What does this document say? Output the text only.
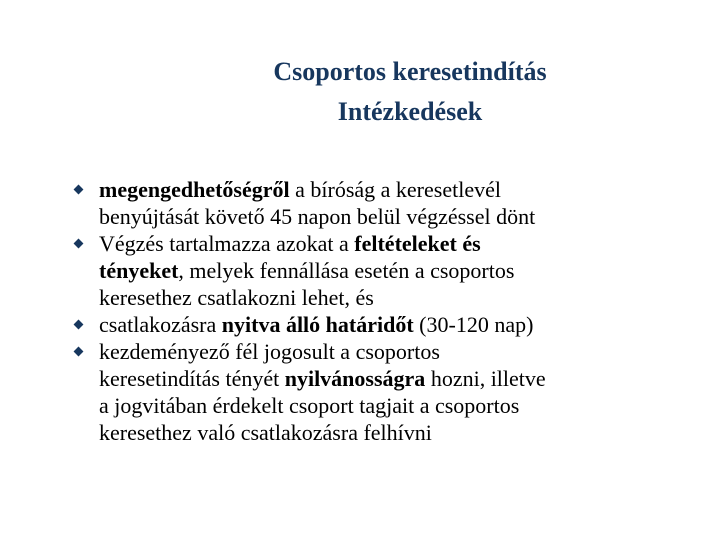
Csoportos keresetindítás
Intézkedések
megengedhetőségről a bíróság a keresetlevél
benyújtását követő 45 napon belül végzéssel dönt
Végzés tartalmazza azokat a feltételeket és
tényeket, melyek fennállása esetén a csoportos
keresethez csatlakozni lehet, és
csatlakozásra nyitva álló határidőt (30-120 nap)
kezdeményező fél jogosult a csoportos
keresetindítás tényét nyilvánosságra hozni, illetve
a jogvitában érdekelt csoport tagjait a csoportos
keresethez való csatlakozásra felhívni
